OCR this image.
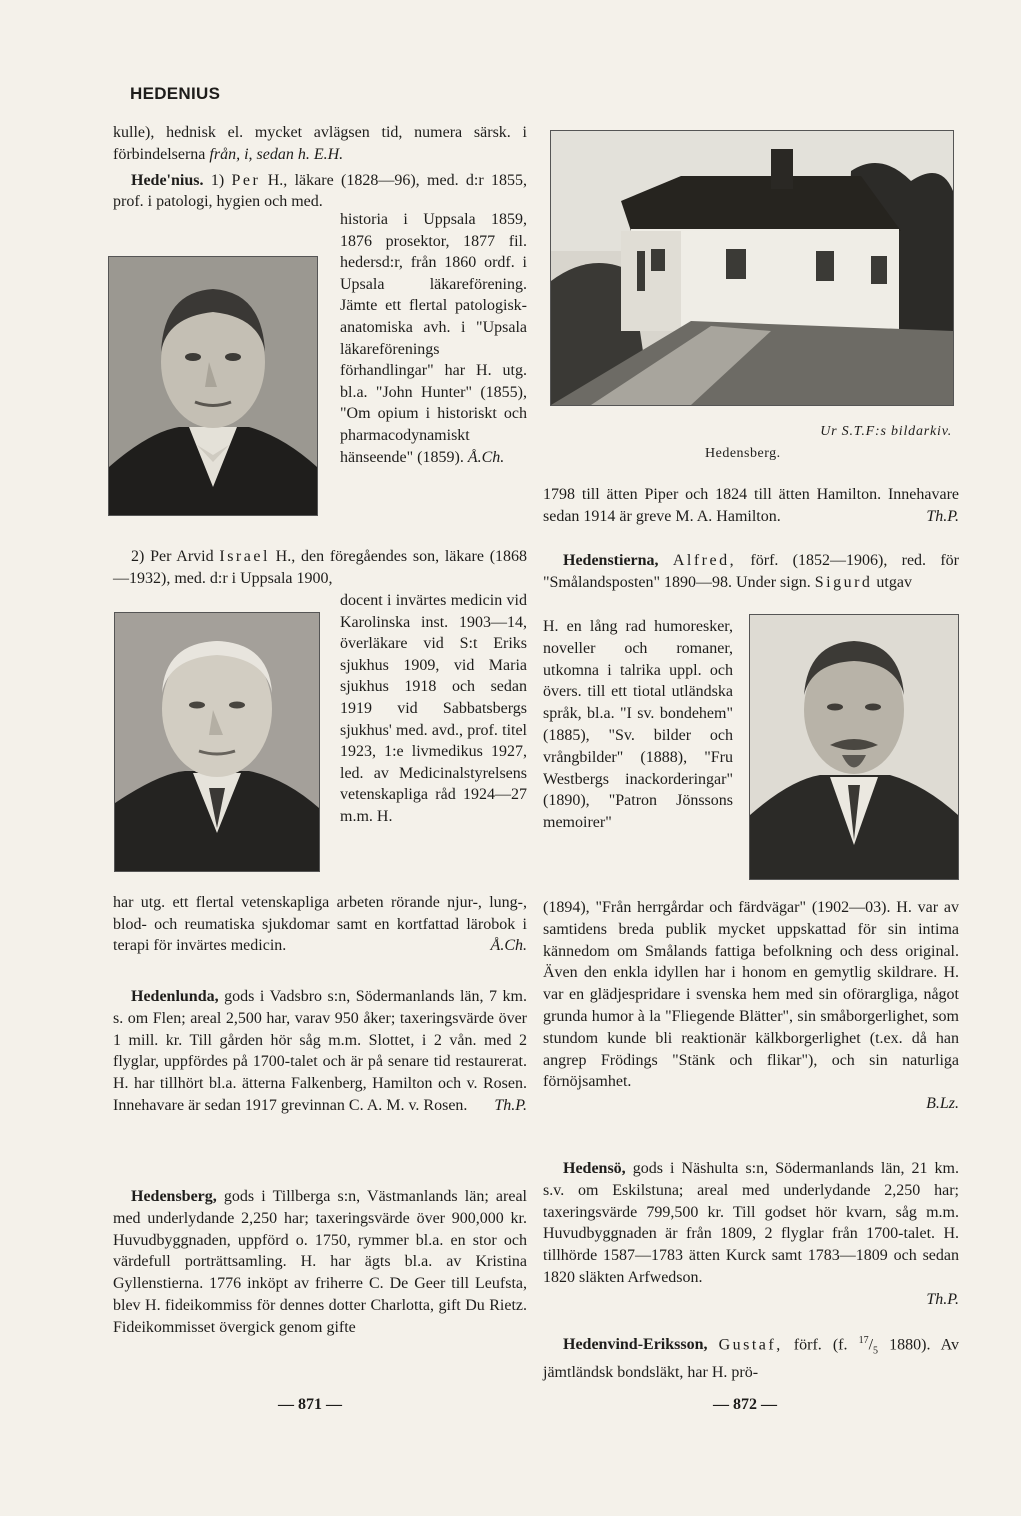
HEDENIUS

kulle), hednisk el. mycket avlägsen tid, numera särsk. i förbindelserna från, i, sedan h. E.H.

Hede'nius. 1) Per H., läkare (1828—96), med. d:r 1855, prof. i patologi, hygien och med.

historia i Uppsala 1859, 1876 prosektor, 1877 fil. hedersd:r, från 1860 ordf. i Upsala läkareförening. Jämte ett flertal patologisk-anatomiska avh. i "Upsala läkareförenings förhandlingar" har H. utg. bl.a. "John Hunter" (1855), "Om opium i historiskt och pharmacodynamiskt hänseende" (1859). Å.Ch.
2) Per Arvid Israel H., den föregåendes son, läkare (1868—1932), med. d:r i Uppsala 1900,
docent i invärtes medicin vid Karolinska inst. 1903—14, överläkare vid S:t Eriks sjukhus 1909, vid Maria sjukhus 1918 och sedan 1919 vid Sabbatsbergs sjukhus' med. avd., prof. titel 1923, 1:e livmedikus 1927, led. av Medicinalstyrelsens vetenskapliga råd 1924—27 m.m. H.
har utg. ett flertal vetenskapliga arbeten rörande njur-, lung-, blod- och reumatiska sjukdomar samt en kortfattad lärobok i terapi för invärtes medicin.	Å.Ch.
Hedenlunda, gods i Vadsbro s:n, Södermanlands län, 7 km. s. om Flen; areal 2,500 har, varav 950 åker; taxeringsvärde över 1 mill. kr. Till gården hör såg m.m. Slottet, i 2 vån. med 2 flyglar, uppfördes på 1700-talet och är på senare tid restaurerat. H. har tillhört bl.a. ätterna Falkenberg, Hamilton och v. Rosen. Innehavare är sedan 1917 grevinnan C. A. M. v. Rosen. Th.P.
Hedensberg, gods i Tillberga s:n, Västmanlands län; areal med underlydande 2,250 har; taxeringsvärde över 900,000 kr. Huvudbyggnaden, uppförd o. 1750, rymmer bl.a. en stor och värdefull porträttsamling. H. har ägts bl.a. av Kristina Gyllenstierna. 1776 inköpt av friherre C. De Geer till Leufsta, blev H. fideikommiss för dennes dotter Charlotta, gift Du Rietz. Fideikommisset övergick genom gifte
Ur S.T.F:s bildarkiv.
Hedensberg.
1798 till ätten Piper och 1824 till ätten Hamilton. Innehavare sedan 1914 är greve M. A. Hamilton.	Th.P.
Hedenstierna, Alfred, förf. (1852—1906), red. för "Smålandsposten" 1890—98. Under sign. Sigurd utgav
H. en lång rad humoresker, noveller och romaner, utkomna i talrika uppl. och övers. till ett tiotal utländska språk, bl.a. "I sv. bondehem" (1885), "Sv. bilder och vrångbilder" (1888), "Fru Westbergs inackorderingar" (1890), "Patron Jönssons memoirer"
(1894), "Från herrgårdar och färdvägar" (1902—03). H. var av samtidens breda publik mycket uppskattad för sin intima kännedom om Smålands fattiga befolkning och dess original. Även den enkla idyllen har i honom en gemytlig skildrare. H. var en glädjespridare i svenska hem med sin oförargliga, något grunda humor à la "Fliegende Blätter", sin småborgerlighet, som stundom kunde bli reaktionär kälkborgerlighet (t.ex. då han angrep Frödings "Stänk och flikar"), och sin naturliga förnöjsamhet.
B.Lz.
Hedensö, gods i Näshulta s:n, Södermanlands län, 21 km. s.v. om Eskilstuna; areal med underlydande 2,250 har; taxeringsvärde 799,500 kr. Till godset hör kvarn, såg m.m. Huvudbyggnaden är från 1809, 2 flyglar från 1700-talet. H. tillhörde 1587—1783 ätten Kurck samt 1783—1809 och sedan 1820 släkten Arfwedson.
Th.P.
Hedenvind-Eriksson, Gustaf, förf. (f. $^{17}/_5$ 1880). Av jämtländsk bondsläkt, har H. prö-
— 871 —	— 872 —
